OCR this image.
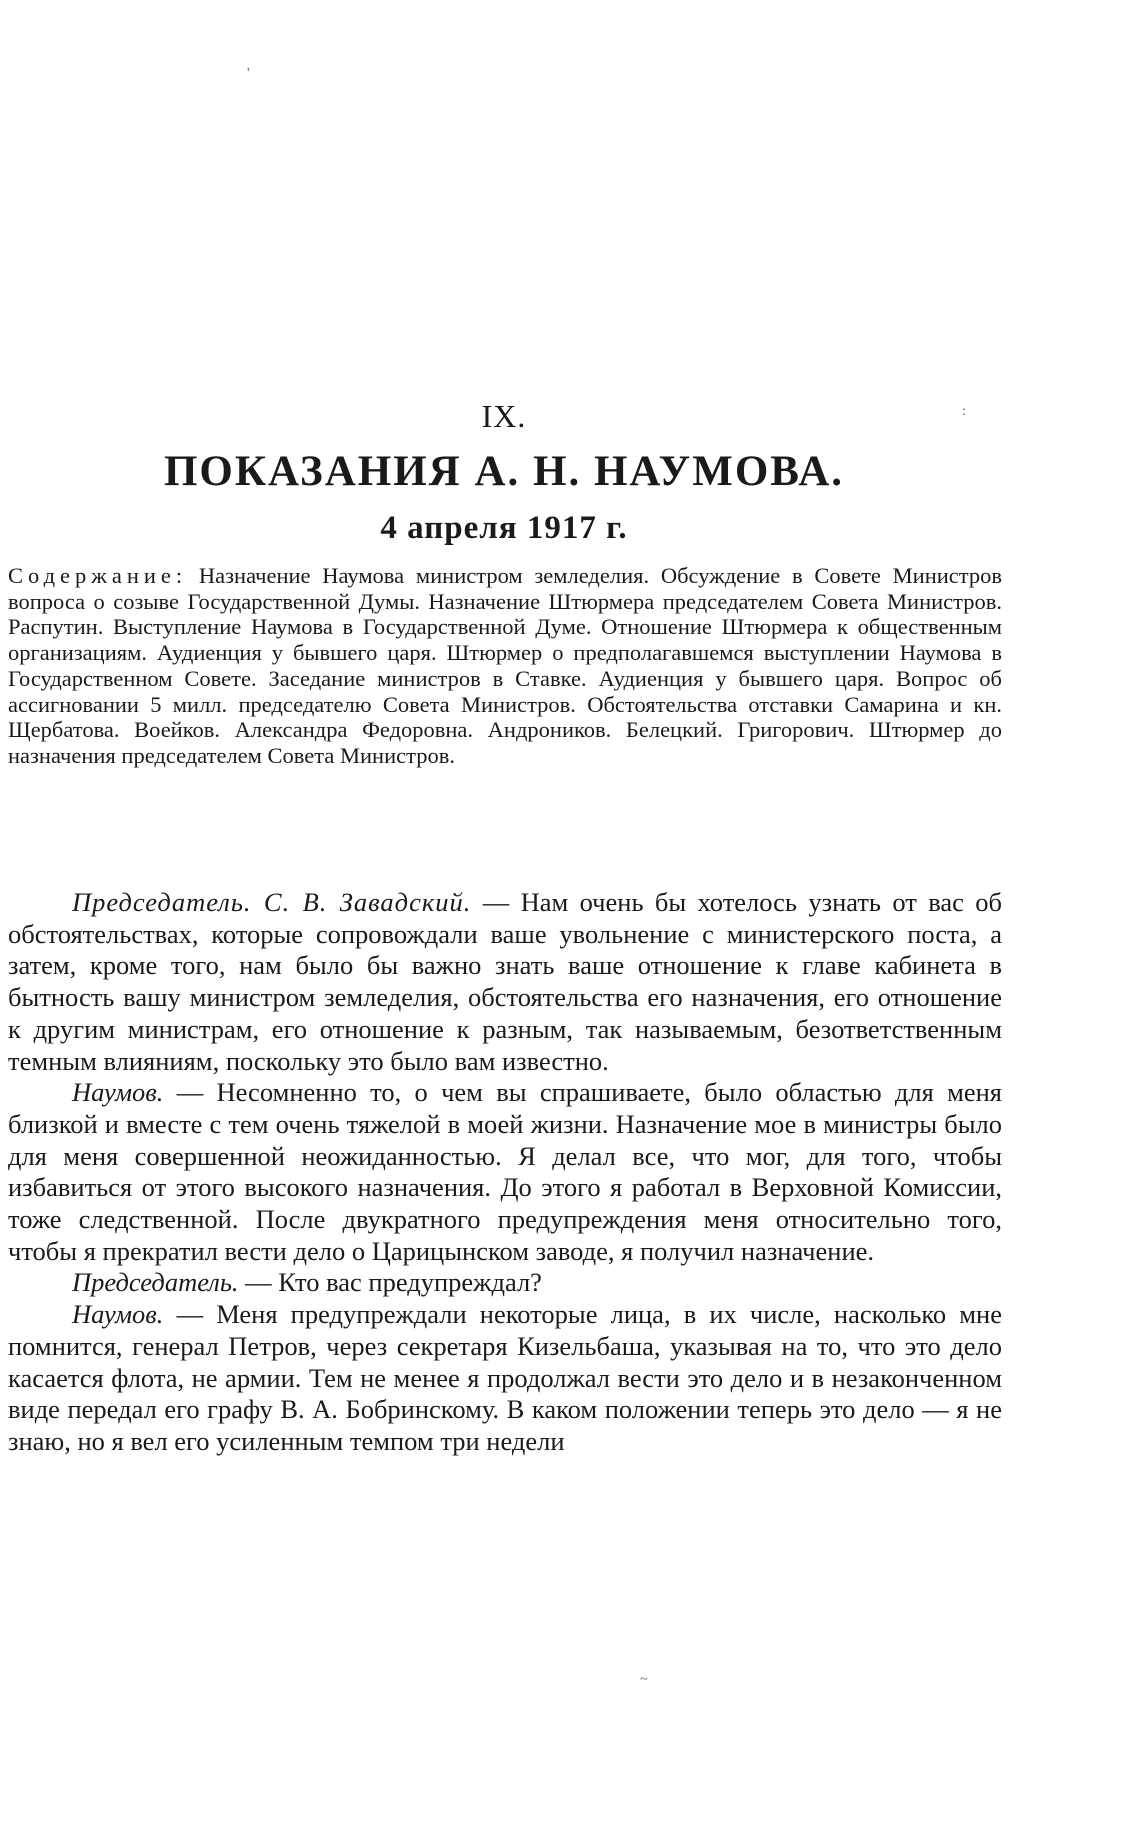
IX.
ПОКАЗАНИЯ А. Н. НАУМОВА.
4 апреля 1917 г.

Содержание: Назначение Наумова министром земледелия. Обсуждение в Совете Министров вопроса о созыве Государственной Думы. Назначение Штюрмера председателем Совета Министров. Распутин. Выступление Наумова в Государственной Думе. Отношение Штюрмера к общественным организациям. Аудиенция у бывшего царя. Штюрмер о предполагавшемся выступлении Наумова в Государственном Совете. Заседание министров в Ставке. Аудиенция у бывшего царя. Вопрос об ассигновании 5 милл. председателю Совета Министров. Обстоятельства отставки Самарина и кн. Щербатова. Воейков. Александра Федоровна. Андроников. Белецкий. Григорович. Штюрмер до назначения председателем Совета Министров.

Председатель. С. В. Завадский. — Нам очень бы хотелось узнать от вас об обстоятельствах, которые сопровождали ваше увольнение с министерского поста, а затем, кроме того, нам было бы важно знать ваше отношение к главе кабинета в бытность вашу министром земледелия, обстоятельства его назначения, его отношение к другим министрам, его отношение к разным, так называемым, безответственным темным влияниям, поскольку это было вам известно.

Наумов. — Несомненно то, о чем вы спрашиваете, было областью для меня близкой и вместе с тем очень тяжелой в моей жизни. Назначение мое в министры было для меня совершенной неожиданностью. Я делал все, что мог, для того, чтобы избавиться от этого высокого назначения. До этого я работал в Верховной Комиссии, тоже следственной. После двукратного предупреждения меня относительно того, чтобы я прекратил вести дело о Царицынском заводе, я получил назначение.

Председатель. — Кто вас предупреждал?

Наумов. — Меня предупреждали некоторые лица, в их числе, насколько мне помнится, генерал Петров, через секретаря Кизельбаша, указывая на то, что это дело касается флота, не армии. Тем не менее я продолжал вести это дело и в незаконченном виде передал его графу В. А. Бобринскому. В каком положении теперь это дело — я не знаю, но я вел его усиленным темпом три недели

'
:
~
